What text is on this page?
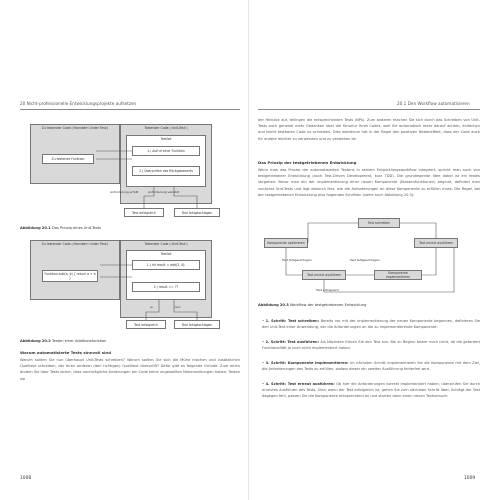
20 Nicht-professionelle Entwicklungsprojekte aufsetzen
Zu testender Code (›Hanskern Under Test‹)	Testender Code (›Unit-Test‹)
Testfall
Zu testende Funktion
1.) Aufruf einer Funktion
2.) Überprüfen des Rückgabewerts
Anforderung erfüllt	Anforderung verletzt
Test erfolgreich	Test fehlgeschlagen
Abbildung 20.1 Das Prinzip eines Unit-Tests
Zu testender Code (›Hanskern Under Test‹)	Testender Code (›Unit-Test‹)
Testfall
Funktion add(a, b) { return a + b }
1.) int result = add(3, 4);
2.) result == 7?
ja	nein
Test erfolgreich	Test fehlgeschlagen
Abbildung 20.2 Testen einer Additionsfunktion
Warum automatisierte Tests sinnvoll sind
Warum sollten Sie nun überhaupt Unit-Tests schreiben? Warum sollten Sie sich die Mühe machen und zusätzlichen Quelltext schreiben, der Ihren anderen (den richtigen) Quelltext überprüft? Dafür gibt es folgende Gründe. Zum einen ändern Sie über Tests sicher, dass nachträgliche Änderungen am Code keine ungewollten Nebenwirkungen haben: Testen sie
1008
20.1 Den Workflow automatisieren
der Hinblick auf, teilingen die entsprechenden Tests (NPs). Zum anderen machen Sie sich durch das Schreiben von Unit-Tests auch generell mehr Gedanken über die Struktur Ihres Codes, weil Sie automatisch mehr darauf achten, einfachen und leicht testbaren Code zu schreiben. Dies wiederum hat in der Regel den positiven Nebeneffekt, dass der Code auch für andere leichter zu verwenden und zu verstehen ist.
Das Prinzip der testgetriebenen Entwicklung
Wenn man das Prinzip der automatisierten Testens in seinem Entwicklungsworkflow integriert, spricht man auch von testgetriebener Entwicklung (auch Test-Driven Development, kurz TDD). Die grundlegende Idee dabei ist ein festes Vorgehen: Bevor man ein der implementierung einer neuen Komponente (Klassenfunktionen) beginnt, definiert man zunächst Unit-Tests und legt dadurch fest, wie die Anforderungen an diese Komponente zu erfüllen muss. Die Regel, bei der testgetriebenen Entwicklung also folgendes Schritten (siehe auch Abbildung 20.3):
Test schreiben
Komponente optimieren	Test erneut ausführen
Test fehlgeschlagen	Test fehlgeschlagen
Test erneut ausführen	Komponente implementieren
Test erfolgreich
Abbildung 20.3 Workflow der testgetriebenen Entwicklung
• 1. Schritt: Test schreiben: Bereits vor mit der implementierung der neuen Komponente begonnen, definieren Sie den Unit-Test einer Anwendung, der die Anforderungen an die zu implementierende Komponente.
• 2. Schritt: Test ausführen: Als Nächsten führen Sie den Test aus. Bei zu Beginn bisher noch nicht, de die gefordert Funktionalität ja noch nicht implementiert haben.
• 3. Schritt: Komponente implementieren: Im nächsten Schritt implementieren Sie die Komponente mit dem Ziel, die Anforderungen des Tests zu erfüllen, sodass dieser ein zweiter Ausführung fehlerfrei wird.
• 4. Schritt: Test erneut ausführen: Ob hier die Anforderungen korrekt implementiert haben, überprüfen Sie durch erneutes Ausführen des Tests. Sind, wenn der Test erfolgreich ist, gehen Sie zum nächsten Schritt über. Schlägt der Test dagegen fehl, passen Sie die Komponente entsprechend an und starten dann einen neuen Testversuch.
1009
